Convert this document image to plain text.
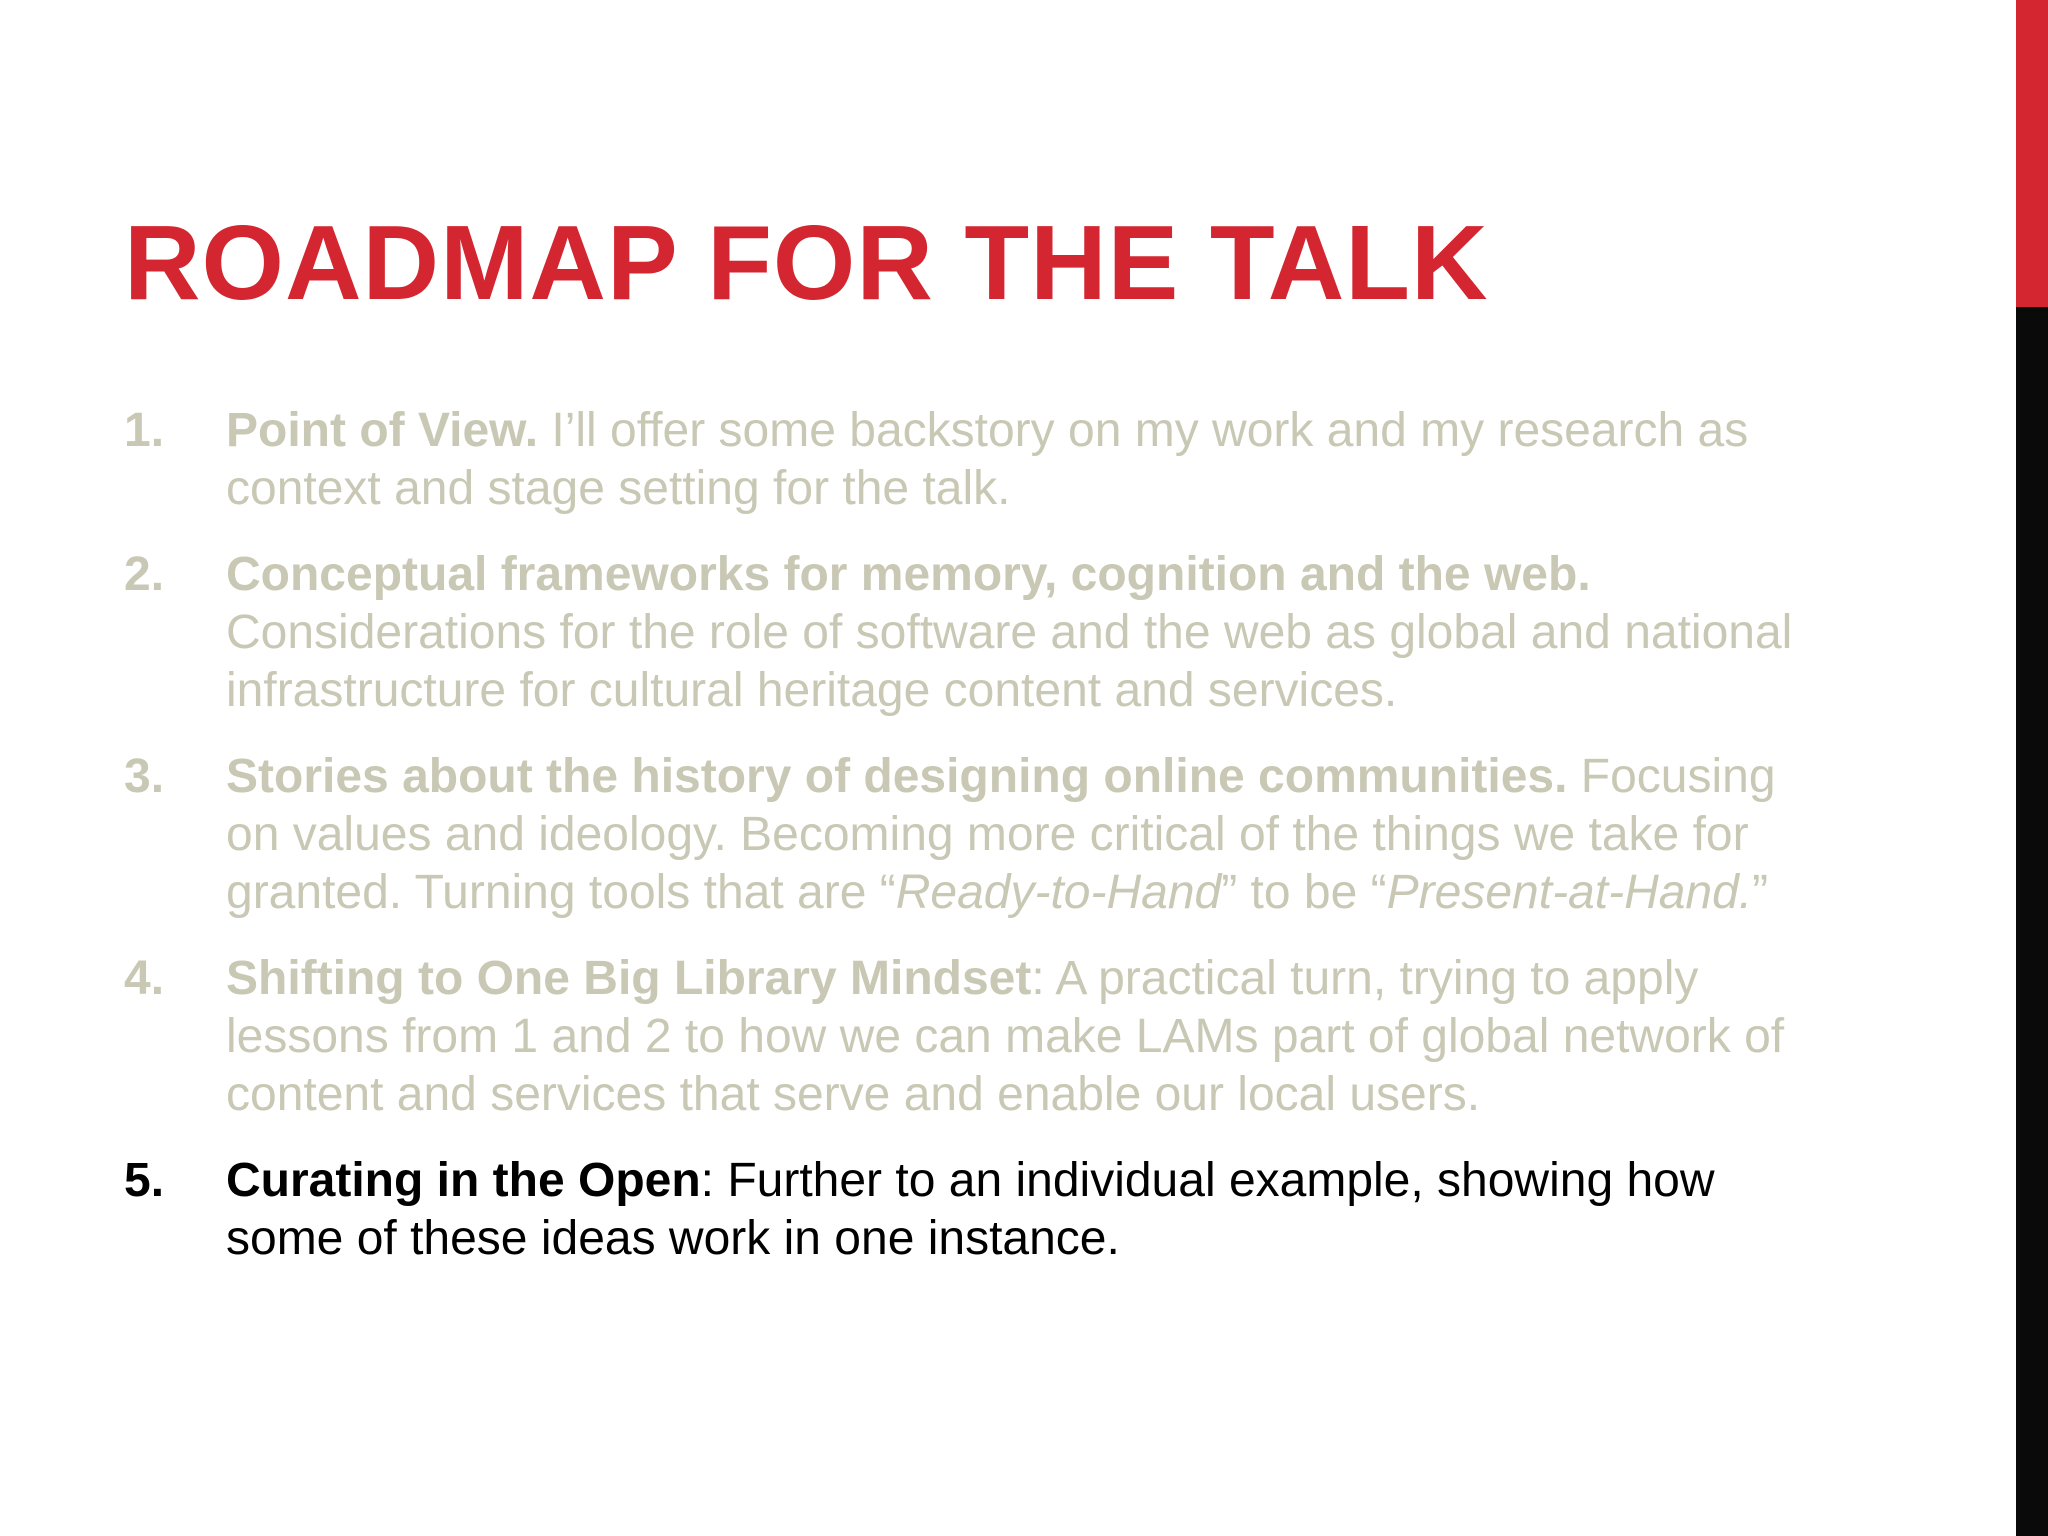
ROADMAP FOR THE TALK
1.	Point of View. I’ll offer some backstory on my work and my research as context and stage setting for the talk.
2.	Conceptual frameworks for memory, cognition and the web. Considerations for the role of software and the web as global and national infrastructure for cultural heritage content and services.
3.	Stories about the history of designing online communities. Focusing on values and ideology. Becoming more critical of the things we take for granted. Turning tools that are “Ready-to-Hand” to be “Present-at-Hand.”
4.	Shifting to One Big Library Mindset: A practical turn, trying to apply lessons from 1 and 2 to how we can make LAMs part of global network of content and services that serve and enable our local users.
5.	Curating in the Open: Further to an individual example, showing how some of these ideas work in one instance.
